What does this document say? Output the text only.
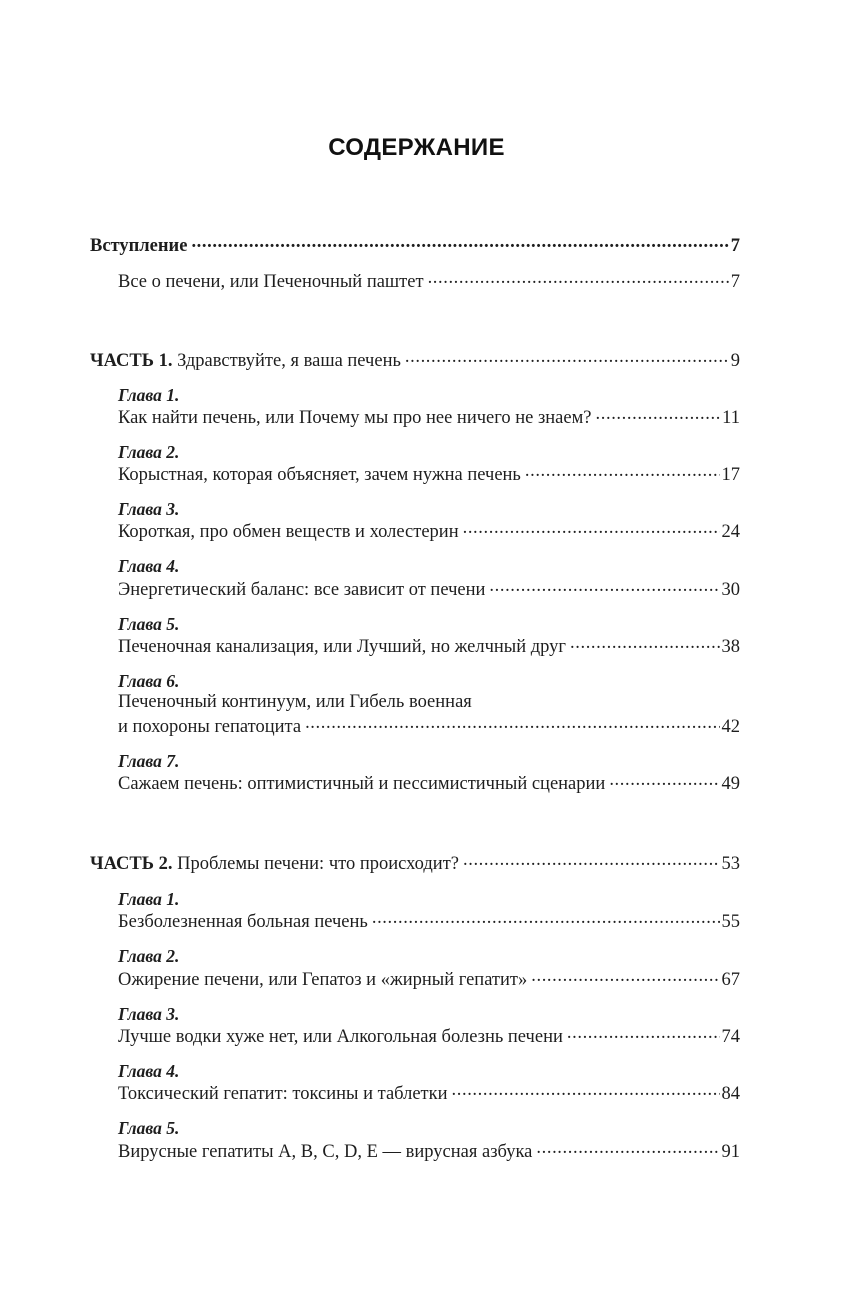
СОДЕРЖАНИЕ
Вступление .....	7
Все о печени, или Печеночный паштет .....	7
ЧАСТЬ 1. Здравствуйте, я ваша печень .....	9
Глава 1.
Как найти печень, или Почему мы про нее ничего не знаем? .....	11
Глава 2.
Корыстная, которая объясняет, зачем нужна печень .....	17
Глава 3.
Короткая, про обмен веществ и холестерин .....	24
Глава 4.
Энергетический баланс: все зависит от печени .....	30
Глава 5.
Печеночная канализация, или Лучший, но желчный друг .....	38
Глава 6.
Печеночный континуум, или Гибель военная
и похороны гепатоцита .....	42
Глава 7.
Сажаем печень: оптимистичный и пессимистичный сценарии .....	49
ЧАСТЬ 2. Проблемы печени: что происходит? .....	53
Глава 1.
Безболезненная больная печень .....	55
Глава 2.
Ожирение печени, или Гепатоз и «жирный гепатит» .....	67
Глава 3.
Лучше водки хуже нет, или Алкогольная болезнь печени .....	74
Глава 4.
Токсический гепатит: токсины и таблетки .....	84
Глава 5.
Вирусные гепатиты A, B, C, D, E — вирусная азбука .....	91
